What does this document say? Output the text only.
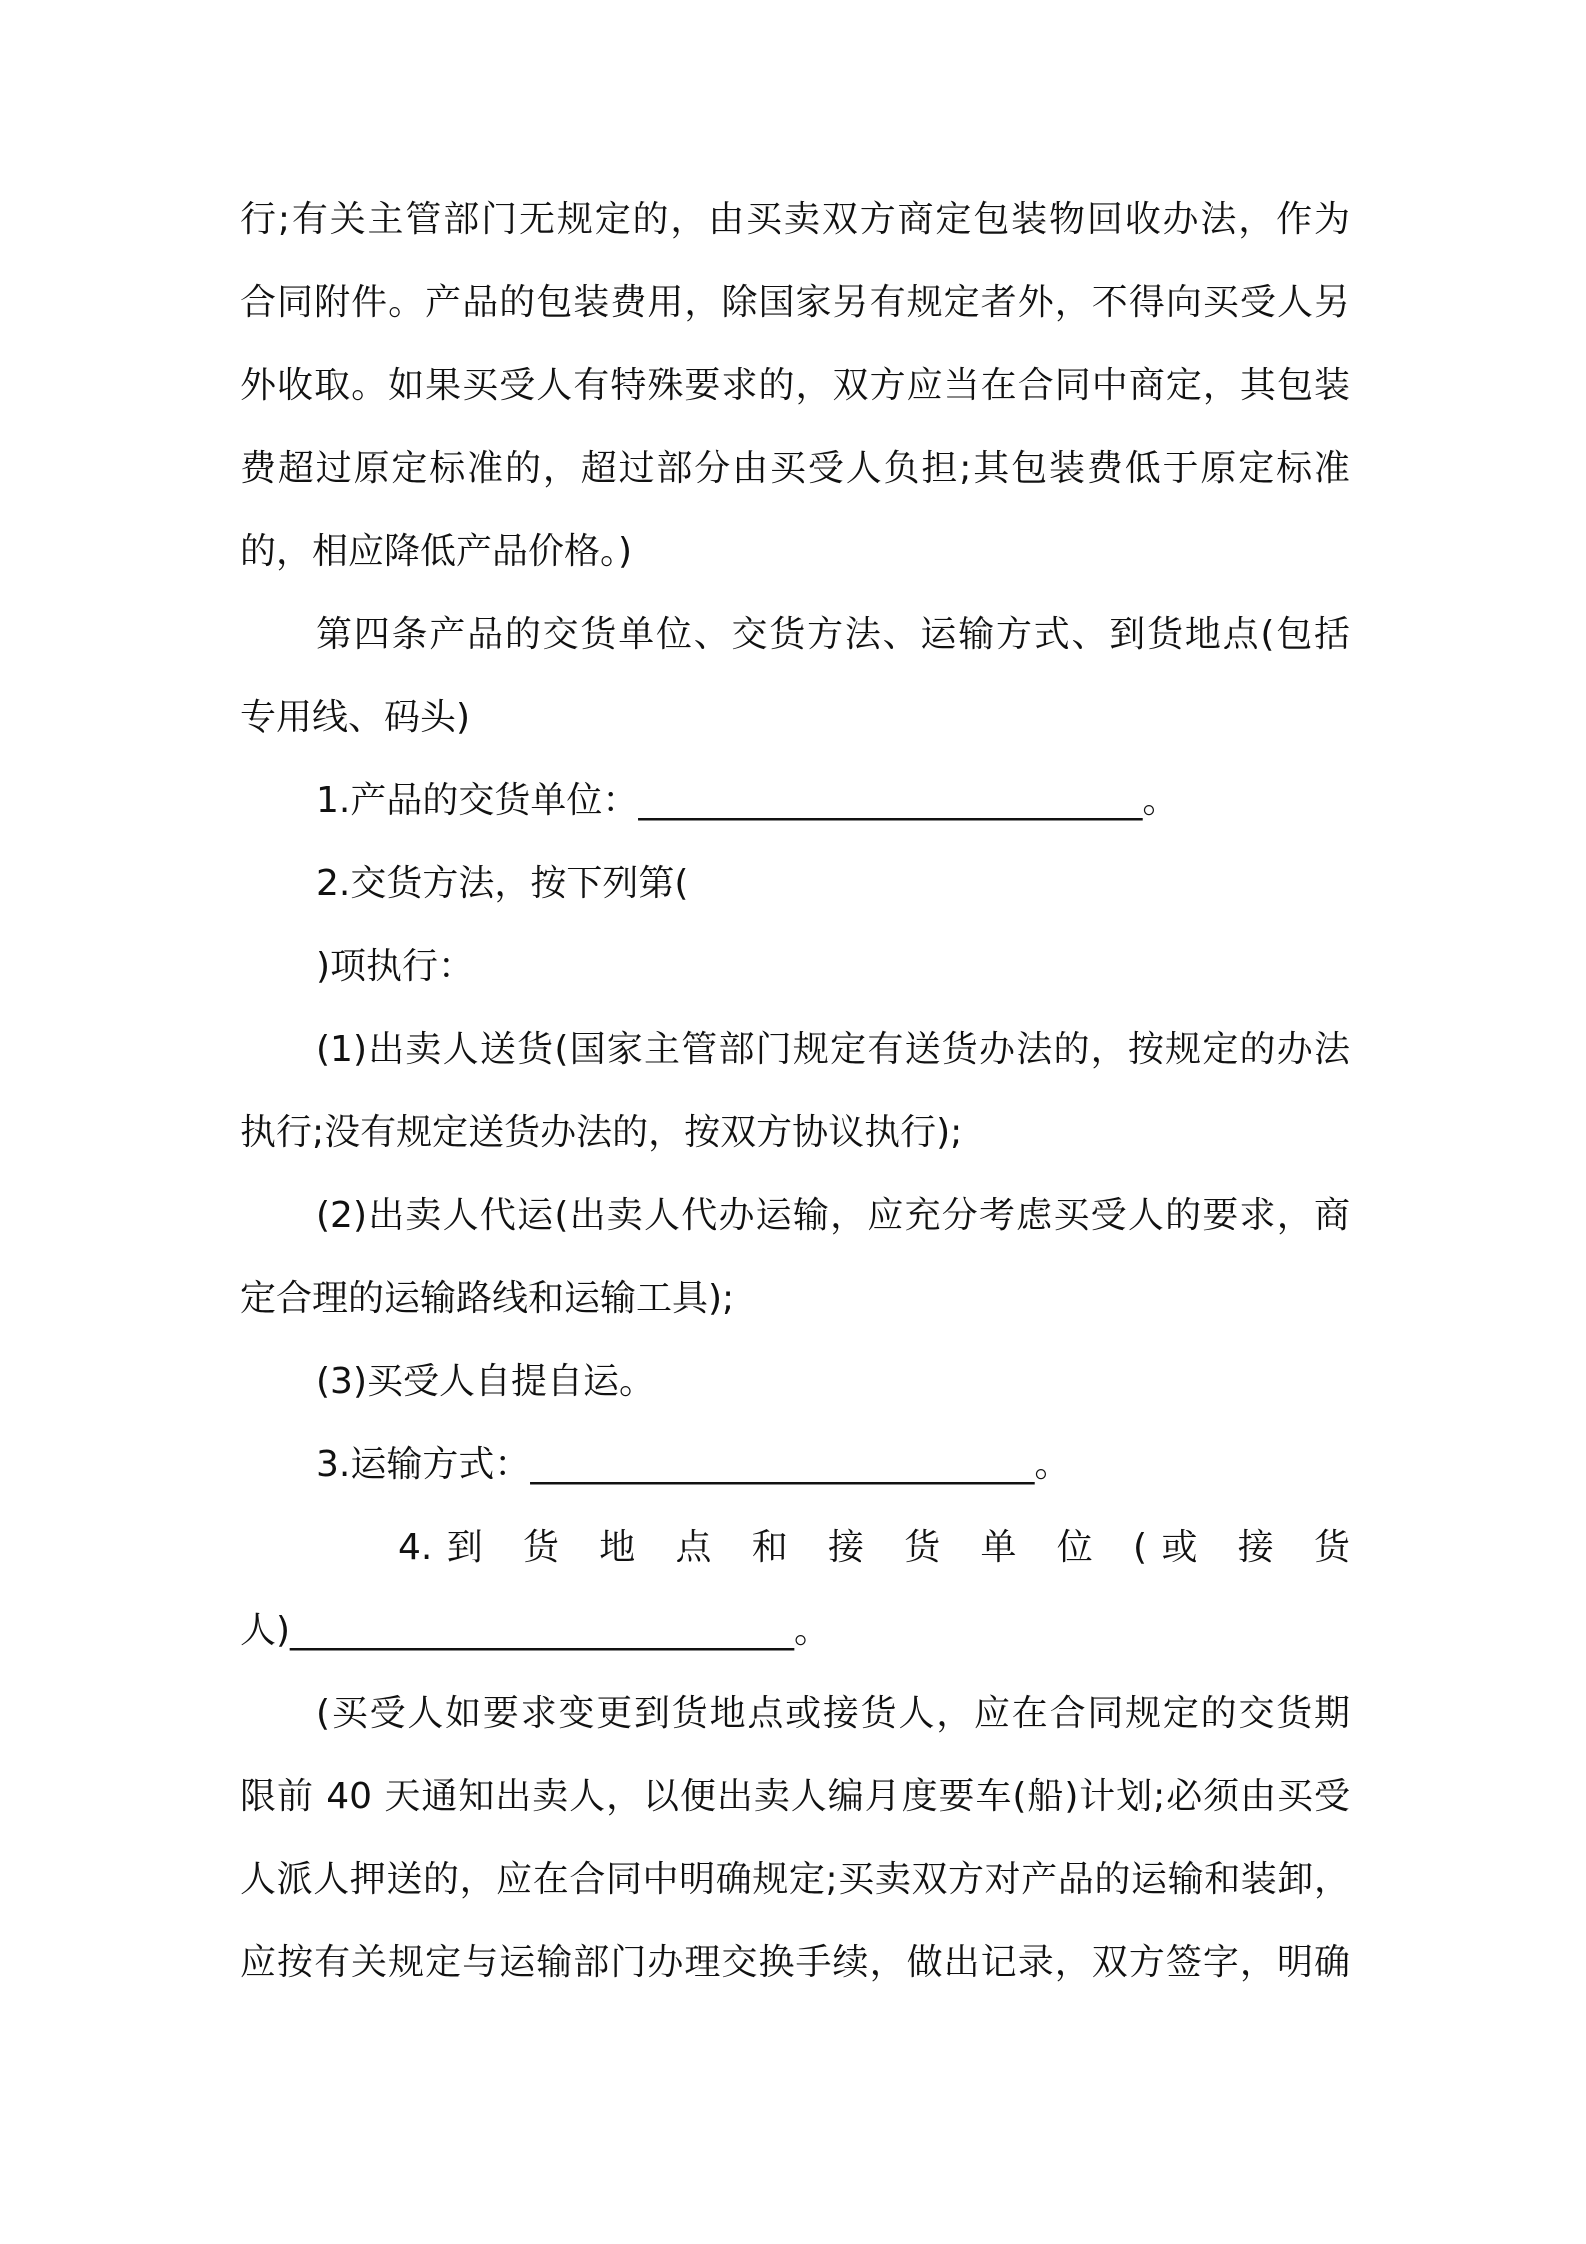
行;有关主管部门无规定的，由买卖双方商定包装物回收办法，作为
合同附件。产品的包装费用，除国家另有规定者外，不得向买受人另
外收取。如果买受人有特殊要求的，双方应当在合同中商定，其包装
费超过原定标准的，超过部分由买受人负担;其包装费低于原定标准
的，相应降低产品价格。)
第四条产品的交货单位、交货方法、运输方式、到货地点(包括
专用线、码头)
1.产品的交货单位：____________________________。
2.交货方法，按下列第(
)项执行：
(1)出卖人送货(国家主管部门规定有送货办法的，按规定的办法
执行;没有规定送货办法的，按双方协议执行);
(2)出卖人代运(出卖人代办运输，应充分考虑买受人的要求，商
定合理的运输路线和运输工具);
(3)买受人自提自运。
3.运输方式：____________________________。
4.到 货 地 点 和 接 货 单 位 (或 接 货
人)____________________________。
(买受人如要求变更到货地点或接货人，应在合同规定的交货期
限前 40 天通知出卖人，以便出卖人编月度要车(船)计划;必须由买受
人派人押送的，应在合同中明确规定;买卖双方对产品的运输和装卸，
应按有关规定与运输部门办理交换手续，做出记录，双方签字，明确
